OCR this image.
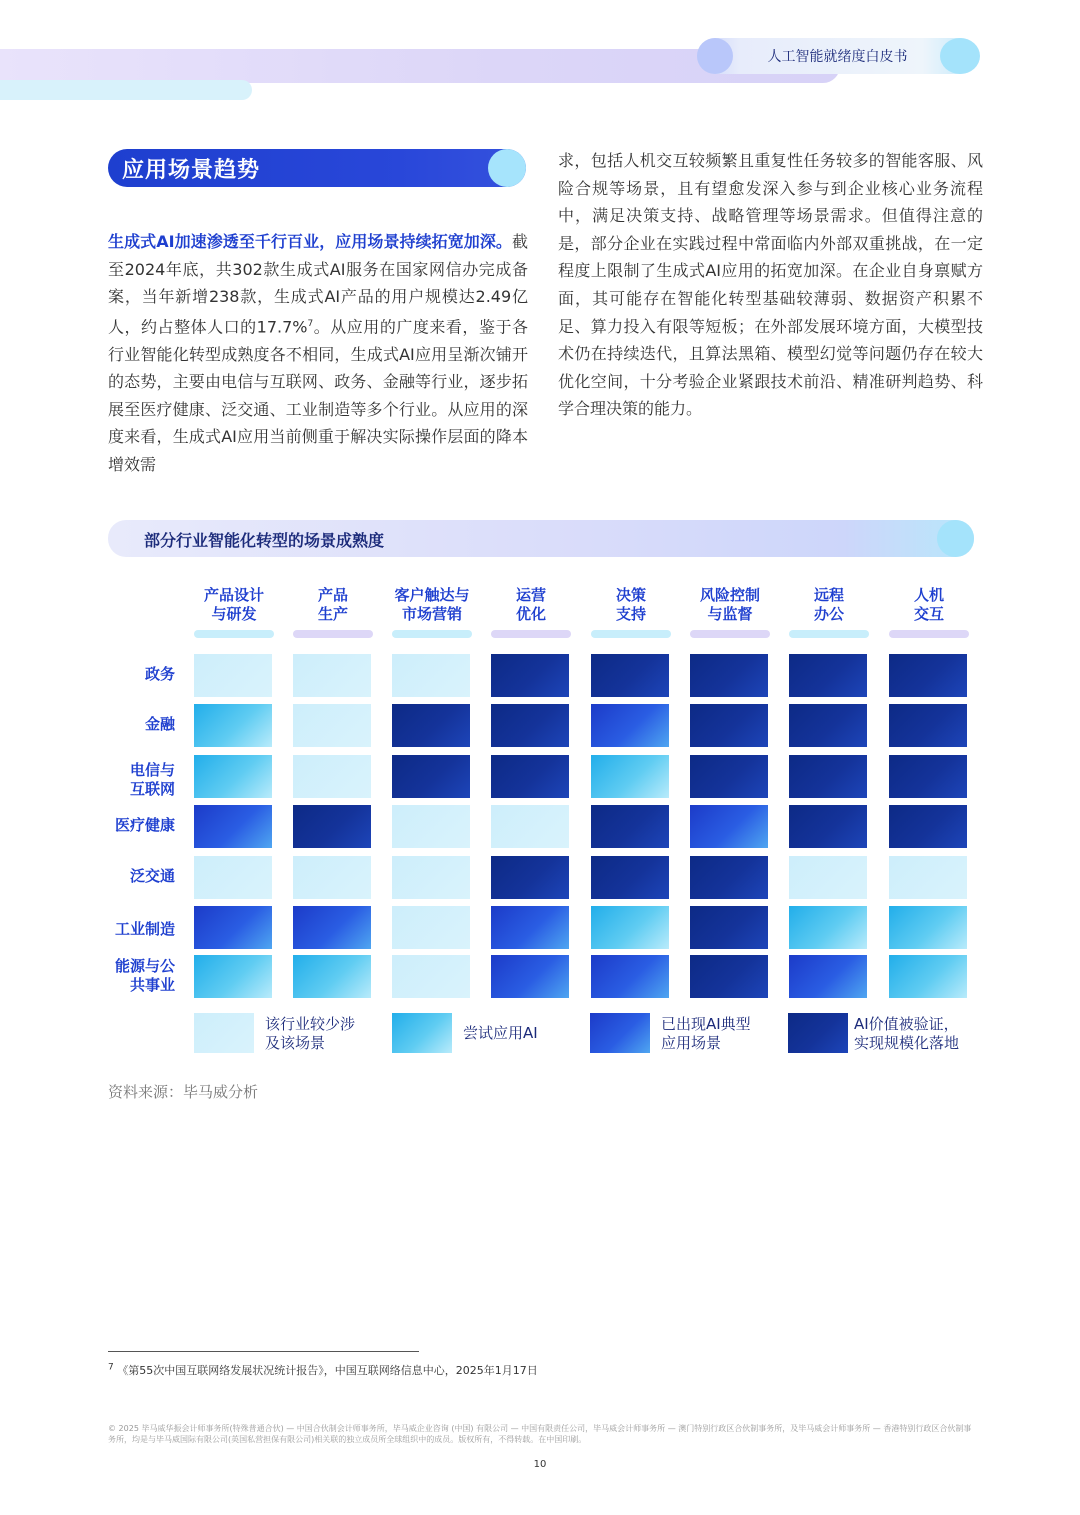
人工智能就绪度白皮书
应用场景趋势
生成式AI加速渗透至千行百业，应用场景持续拓宽加深。截至2024年底，共302款生成式AI服务在国家网信办完成备案，当年新增238款，生成式AI产品的用户规模达2.49亿人，约占整体人口的17.7%$^7$。从应用的广度来看，鉴于各行业智能化转型成熟度各不相同，生成式AI应用呈渐次铺开的态势，主要由电信与互联网、政务、金融等行业，逐步拓展至医疗健康、泛交通、工业制造等多个行业。从应用的深度来看，生成式AI应用当前侧重于解决实际操作层面的降本增效需
求，包括人机交互较频繁且重复性任务较多的智能客服、风险合规等场景，且有望愈发深入参与到企业核心业务流程中，满足决策支持、战略管理等场景需求。但值得注意的是，部分企业在实践过程中常面临内外部双重挑战，在一定程度上限制了生成式AI应用的拓宽加深。在企业自身禀赋方面，其可能存在智能化转型基础较薄弱、数据资产积累不足、算力投入有限等短板；在外部发展环境方面，大模型技术仍在持续迭代，且算法黑箱、模型幻觉等问题仍存在较大优化空间，十分考验企业紧跟技术前沿、精准研判趋势、科学合理决策的能力。
部分行业智能化转型的场景成熟度
产品设计
与研发
产品
生产
客户触达与
市场营销
运营
优化
决策
支持
风险控制
与监督
远程
办公
人机
交互
政务
金融
电信与
互联网
医疗健康
泛交通
工业制造
能源与公
共事业
该行业较少涉
及该场景
尝试应用AI	已出现AI典型
应用场景
AI价值被验证，
实现规模化落地
资料来源：毕马威分析
$^7$ 《第55次中国互联网络发展状况统计报告》，中国互联网络信息中心，2025年1月17日
© 2025 毕马威华振会计师事务所(特殊普通合伙) — 中国合伙制会计师事务所，毕马威企业咨询 (中国) 有限公司 — 中国有限责任公司，毕马威会计师事务所 — 澳门特别行政区合伙制事务所，及毕马威会计师事务所 — 香港特别行政区合伙制事务所，均是与毕马威国际有限公司(英国私营担保有限公司)相关联的独立成员所全球组织中的成员。版权所有，不得转载。在中国印刷。
10
